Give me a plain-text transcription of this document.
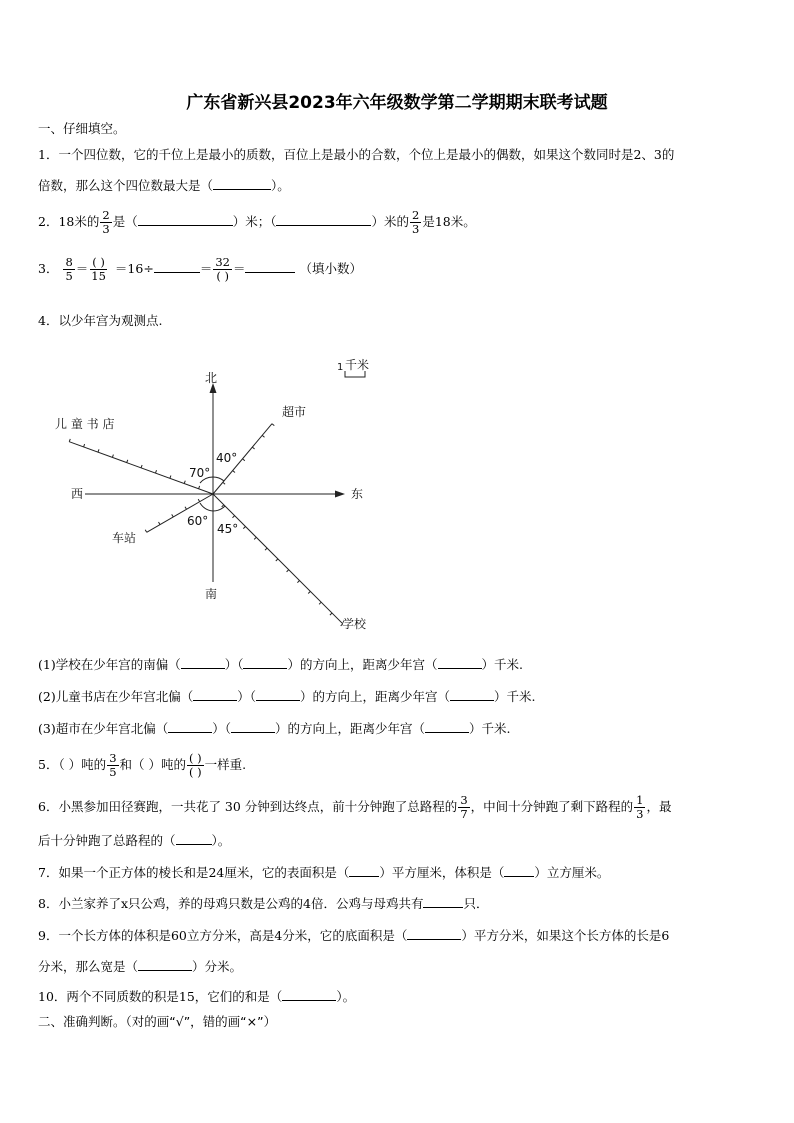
广东省新兴县2023年六年级数学第二学期期末联考试题
一、仔细填空。
1．一个四位数，它的千位上是最小的质数，百位上是最小的合数，个位上是最小的偶数，如果这个数同时是2、3的
倍数，那么这个四位数最大是（	）。
2．18米的 $\frac{2}{3}$ 是（	）米；（	）米的 $\frac{2}{3}$ 是18米。
3． $\frac{8}{5} = \frac{( )}{15} =16\div$	＝ $\frac{32}{( )}$ ＝	（填小数）
4．以少年宫为观测点.
北
南
东
西
超市
儿 童 书 店
车站
学校
40°
70°
60°
45°
1 千米
(1)学校在少年宫的南偏（	）（	）的方向上，距离少年宫（	）千米.
(2)儿童书店在少年宫北偏（	）（	）的方向上，距离少年宫（	）千米.
(3)超市在少年宫北偏（	）（	）的方向上，距离少年宫（	）千米.
5．（ ）吨的 $\frac{3}{5}$ 和（ ）吨的 $\frac{( )}{( )}$ 一样重.
6．小黑参加田径赛跑，一共花了 30 分钟到达终点，前十分钟跑了总路程的 $\frac{3}{7}$ ，中间十分钟跑了剩下路程的 $\frac{1}{3}$ ，最
后十分钟跑了总路程的（	）。
7．如果一个正方体的棱长和是24厘米，它的表面积是（ ）平方厘米，体积是（ ）立方厘米。
8．小兰家养了x只公鸡，养的母鸡只数是公鸡的4倍．公鸡与母鸡共有	只．
9．一个长方体的体积是60立方分米，高是4分米，它的底面积是（	）平方分米，如果这个长方体的长是6
分米，那么宽是（	）分米。
10．两个不同质数的积是15，它们的和是（	）。
二、准确判断。（对的画“√”，错的画“×”）
